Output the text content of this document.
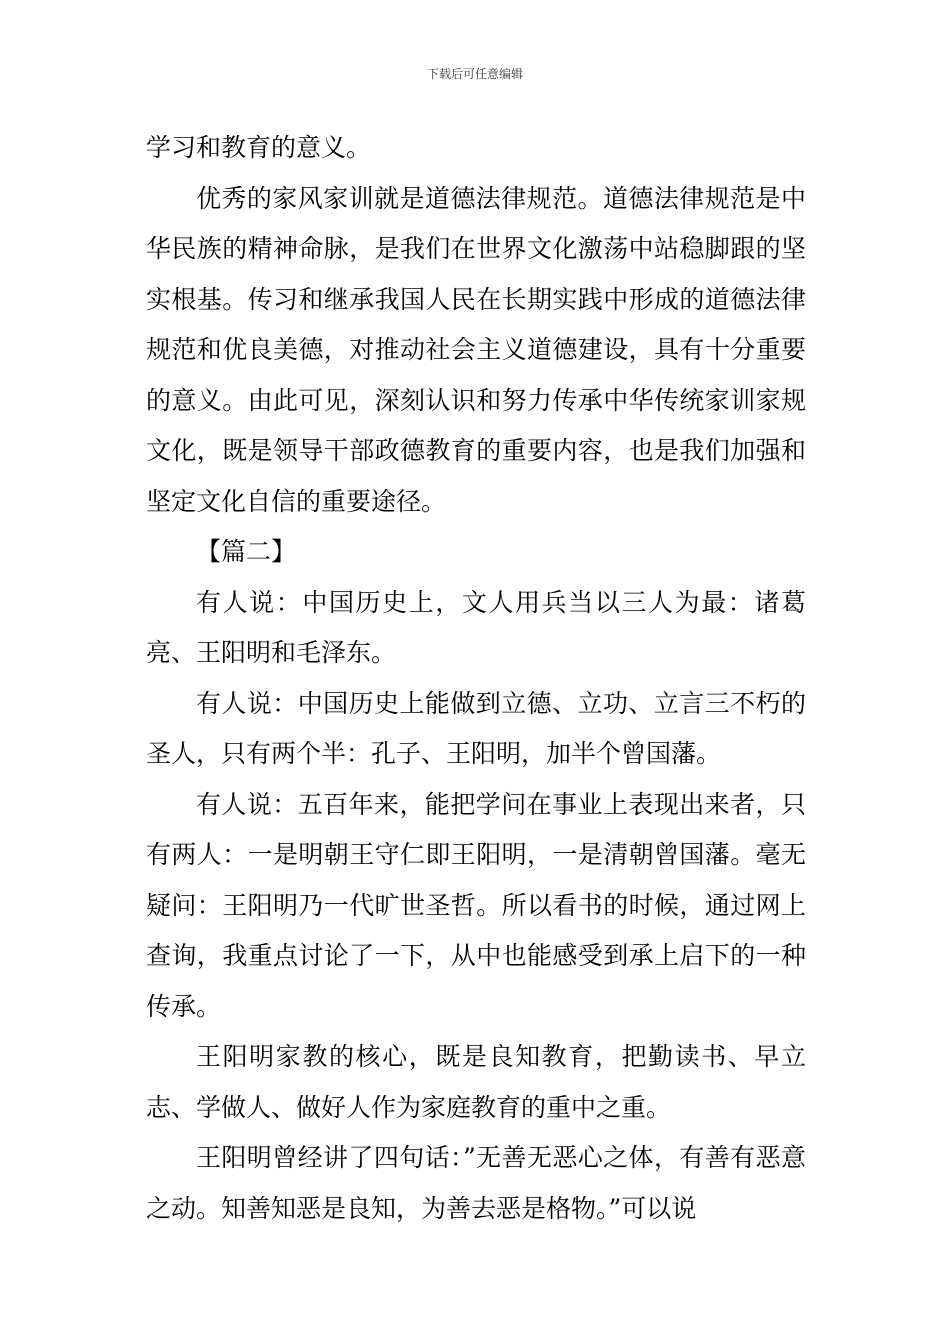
下载后可任意编辑

学习和教育的意义。

优秀的家风家训就是道德法律规范。道德法律规范是中华民族的精神命脉，是我们在世界文化激荡中站稳脚跟的坚实根基。传习和继承我国人民在长期实践中形成的道德法律规范和优良美德，对推动社会主义道德建设，具有十分重要的意义。由此可见，深刻认识和努力传承中华传统家训家规文化，既是领导干部政德教育的重要内容，也是我们加强和坚定文化自信的重要途径。

【篇二】

有人说：中国历史上，文人用兵当以三人为最：诸葛亮、王阳明和毛泽东。

有人说：中国历史上能做到立德、立功、立言三不朽的圣人，只有两个半：孔子、王阳明，加半个曾国藩。

有人说：五百年来，能把学问在事业上表现出来者，只有两人：一是明朝王守仁即王阳明，一是清朝曾国藩。毫无疑问：王阳明乃一代旷世圣哲。所以看书的时候，通过网上查询，我重点讨论了一下，从中也能感受到承上启下的一种传承。

王阳明家教的核心，既是良知教育，把勤读书、早立志、学做人、做好人作为家庭教育的重中之重。

王阳明曾经讲了四句话：”无善无恶心之体，有善有恶意之动。知善知恶是良知，为善去恶是格物。”可以说
